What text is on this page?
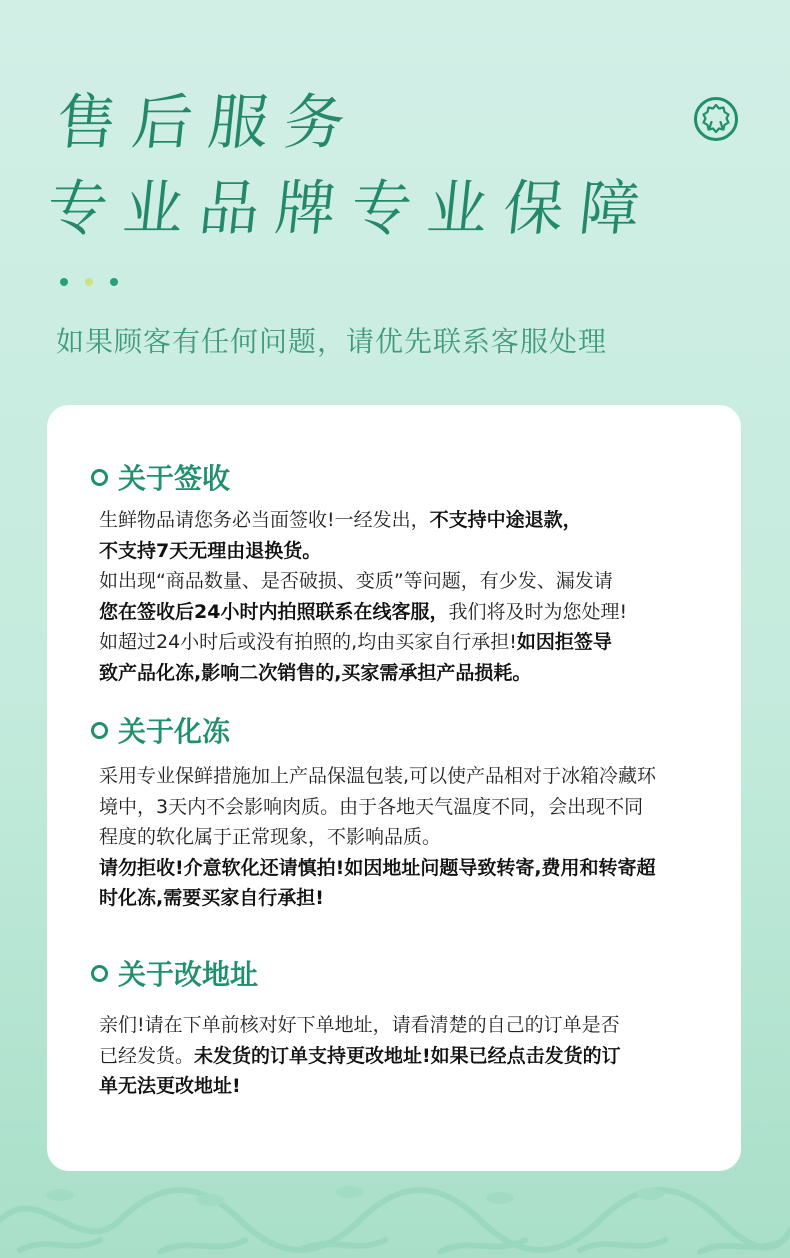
售后服务
专业品牌专业保障
如果顾客有任何问题，请优先联系客服处理
关于签收
生鲜物品请您务必当面签收!一经发出，不支持中途退款，
不支持7天无理由退换货。
如出现“商品数量、是否破损、变质”等问题，有少发、漏发请
您在签收后24小时内拍照联系在线客服，我们将及时为您处理!
如超过24小时后或没有拍照的,均由买家自行承担!如因拒签导
致产品化冻,影响二次销售的,买家需承担产品损耗。
关于化冻
采用专业保鲜措施加上产品保温包装,可以使产品相对于冰箱冷藏环
境中，3天内不会影响肉质。由于各地天气温度不同，会出现不同
程度的软化属于正常现象，不影响品质。
请勿拒收!介意软化还请慎拍!如因地址问题导致转寄,费用和转寄超
时化冻,需要买家自行承担!
关于改地址
亲们!请在下单前核对好下单地址，请看清楚的自己的订单是否
已经发货。未发货的订单支持更改地址!如果已经点击发货的订
单无法更改地址!
